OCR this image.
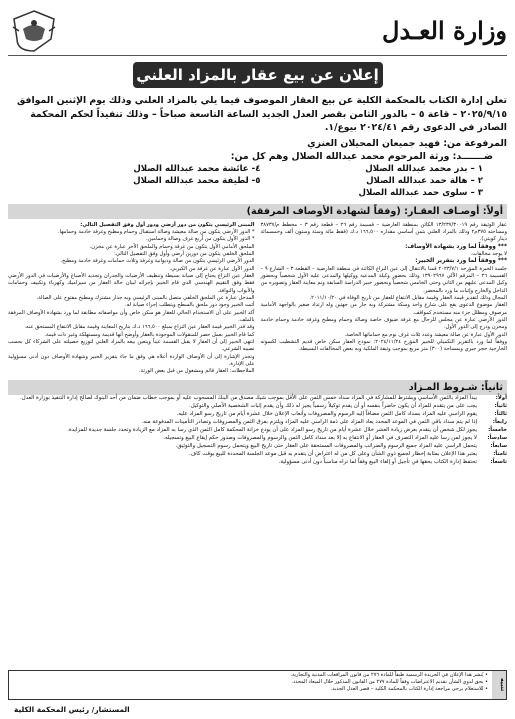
وزارة العـدل
إعلان عن بيع عقار بالمزاد العلني
تعلن إدارة الكتاب بالمحكمة الكلية عن بيع العقار الموصوف فيما يلي بالمزاد العلني وذلك يوم الإثنين الموافق ٢٠٢٥/٩/١٥ – قاعة ٥ – بالدور الثامن بقصر العدل الجديد الساعة التاسعة صباحاً – وذلك تنفيذاً لحكم المحكمة الصادر في الدعوى رقم ٢٠٢٤/٤١ بيوع/١.
المرفوعة من: فهيد جميعان المحيلان العنزي
ضـــــــد: ورثة المرحوم محمد عبدالله الصلال وهم كل من:
١ – بدر محمد عبدالله الصلال
٤- عائشة محمد عبدالله الصلال
٢ – هالة حمد عبدالله الصلال
٥- لطيفة محمد عبدالله الصلال
٣ – سلوى حمد عبدالله الصلال
أولاً: أوصـاف العقـار: (وفقاً لشهادة الأوصاف المرفقة)
عقار الوثيقة رقم ١٣/٢٣٧/٣٠٠١٩ الكائن بمنطقة العارضية – قسيمة رقم ٢٦ – قطعة رقم ٣ – مخطط م/٣٨٧٣٧ ومساحته ٣٧٥م٢ وذلك بالمزاد العلني بثمن أساسي مقداره ١٦٦,٥٠٠ د.ك (فقط مائة وستة وستون ألف وخمسمائة دينار كويتي).
*** ووفقاً لما ورد بشهادة الأوصاف:
لا يوجد مخالفات.
*** ووفقاً لما ورد بتقرير الخبير:
جلسة الخبرة المؤرخة ٢٠٢٣/٧/١ قمنا بالانتقال إلى عين النزاع الكائنة في منطقة العارضية – القطعة ٣ – الشارع ٩ – القسيمة ٢٦ – المرقم الآلي ١٣٩٠٢٩٦٧ وذلك بحضور وكيلة المدعية ووكيلها والمدعى عليه الأول شخصياً وبحضور وكيل المدعى عليهم من الثاني وحتى الخامس شخصياً وبحضور خبير الدراسة السابقة وتم معاينة العقار وتصويره من الداخل والخارج وإثبات ما ورد بالمحضر.
المجال وذلك لتقدير قيمة العقار وقيمة مقابل الانتفاع للعقار من تاريخ الوفاة في ٢٠١١/١٠/٢٠.
العقار موضوع الدعوى يقع على شارع واحد وسكة مشتركة وبه جار من جهتين وله ارتداد صغير بالواجهة الأمامية مرصوف ومظلل جزء منه مستخدم كمواقف.
الدور الأرضي عبارة عن مجلس للرجال مع غرفة ضيوف خاصة وصالة وحمام ومطبخ وغرفة خادمة وحمام خادمة ومخزن ودرج إلى الدور الأول.
الدور الأول عبارة عن صالة معيشة وعدد ثلاث غرف نوم مع حماماتها الخاصة.
ووفقاً لما ورد بالتقرير التكميلي للخبير المؤرخ ٢٠٢٤/١١/٢٤: نموذج العقار سكن خاص قديم التشطيب لكسوته الخارجية حجر جيري وبمساحة (٣٠٠) متر مربع بموجب وثيقة الملكية وبه بعض المخالفات البسيطة.
المبنى الرئيسي يتكون من دور أرضي ودور أول وفق التفصيل التالي:
* الدور الأرضي يتكون من صالة معيشة وصالة استقبال وحمام ومطبخ وغرفة خادمة وحمامها.
* الدور الأول يتكون من أربع غرف وصالة وحمامين.
الملحق الأمامي الأول يتكون من غرفة وحمام والملحق الآخر عبارة عن مخزن.
الملحق الخلفي يتكون من دورين أرضي وأول وفق التفصيل التالي:
الدور الأرضي الرئيسي يتكون من صالة وديوانية وغرفة وثلاث حمامات وغرفة خادمة ومطبخ.
الدور الأول عبارة عن غرفة من الكيربي.
العقار عين النزاع يحتاج إلى صيانة بسيطة وتنظيف الأرضيات والجدران وتجديد الأصباغ والأرضيات في الدور الأرضي فقط وفق التقييم الهندسي الذي قام الخبير بإجرائه لبيان حالة العقار من سيراميك وكهرباء وتكييف وحمامات والأبواب والنوافذ.
المدخل عبارة عن الملحق الخلفي متصل بالمبنى الرئيسي وبه جدار مشترك ومطبخ مفتوح على الصالة.
أثبت الخبير وجود دور ملحق بالسطح ويتطلب إجراء صيانة له.
أكد الخبير على أن الاستخدام الحالي للعقار هو سكن خاص وأن مواصفاته مطابقة لما ورد بشهادة الأوصاف المرفقة بالملف.
وقد قدر الخبير قيمة العقار عين النزاع بمبلغ ١٦٦,٥٠٠ د.ك بتاريخ المعاينة وقيمة مقابل الانتفاع المستحق عنه.
كما قام الخبير بعمل حصر للمنقولات الموجودة بالعقار وأوضح أنها قديمة ومستهلكة وغير ذات قيمة.
انتهى الخبير إلى أن العقار لا يقبل القسمة عيناً ويتعين بيعه بالمزاد العلني لتوزيع حصيلته على الشركاء كل بحسب نصيبه الشرعي.
وتجدر الإشارة إلى أن الأوصاف الواردة أعلاه هي وفق ما جاء بتقرير الخبير وشهادة الأوصاف دون أدنى مسؤولية على الإدارة.
الملاحظات: العقار قائم ومشغول من قبل بعض الورثة.
ثانياً: شـروط المـزاد
أولاً:
يبدأ المزاد بالثمن الأساسي ويشترط للمشاركة في المزاد سداد خمس الثمن على الأقل بموجب شيك مصدق من البنك المسحوب عليه أو بموجب خطاب ضمان من أحد البنوك لصالح إدارة التنفيذ بوزارة العدل.
ثانياً:
يجب على من يتقدم للمزاد أن يكون حاضراً بنفسه أو أن يقدم توكيلاً رسمياً يجيز له ذلك وأن يقدم إثبات الشخصية الأصلي والتوكيل.
ثالثاً:
يقوم الراسي عليه المزاد بسداد كامل الثمن مضافاً إليه الرسوم والمصروفات وأتعاب الإعلان خلال عشرة أيام من تاريخ رسو المزاد عليه.
رابعاً:
إذا لم يتم سداد باقي الثمن في الموعد المحدد يعاد المزاد على ذمة الراسي عليه المزاد ويلتزم بفرق الثمن والمصروفات وتصادر التأمينات المدفوعة منه.
خامساً:
يجوز لكل شخص أن يتقدم بعرض زيادة العشر خلال عشرة أيام من تاريخ رسو المزاد على أن يودع خزانة المحكمة كامل الثمن الذي رسا به المزاد مع الزيادة وتحدد جلسة جديدة للمزايدة.
سادساً:
لا يجوز لمن رسا عليه المزاد التصرف في العقار أو الانتفاع به إلا بعد سداد كامل الثمن والرسوم والمصروفات وصدور حكم إيقاع البيع وتسجيله.
سابعاً:
يتحمل الراسي عليه المزاد جميع الرسوم والضرائب والمصروفات المستحقة على العقار حتى تاريخ البيع ويتحمل رسوم التسجيل والتوثيق.
ثامناً:
يعتبر هذا الإعلان بمثابة إخطار لجميع ذوي الشأن وعلى كل من له اعتراض أن يتقدم به قبل موعد الجلسة المحددة للبيع بوقت كاف.
تاسعاً:
تحتفظ إدارة الكتاب بحقها في تأجيل أو إلغاء البيع وفقاً لما تراه مناسباً دون أدنى مسؤولية.
تنبيه
• يُنشر هذا الإعلان في الجريدة الرسمية طبقاً للمادة ٢٧٦ من قانون المرافعات المدنية والتجارية.
• يحق لذوي الشأن تقديم الاعتراضات وفقاً للمادة ٢٧٧ من القانون المذكور خلال الميعاد المحدد.
• للاستعلام يرجى مراجعة إدارة الكتاب بالمحكمة الكلية – قصر العدل الجديد.
المستشار/ رئيس المحكمة الكلية
